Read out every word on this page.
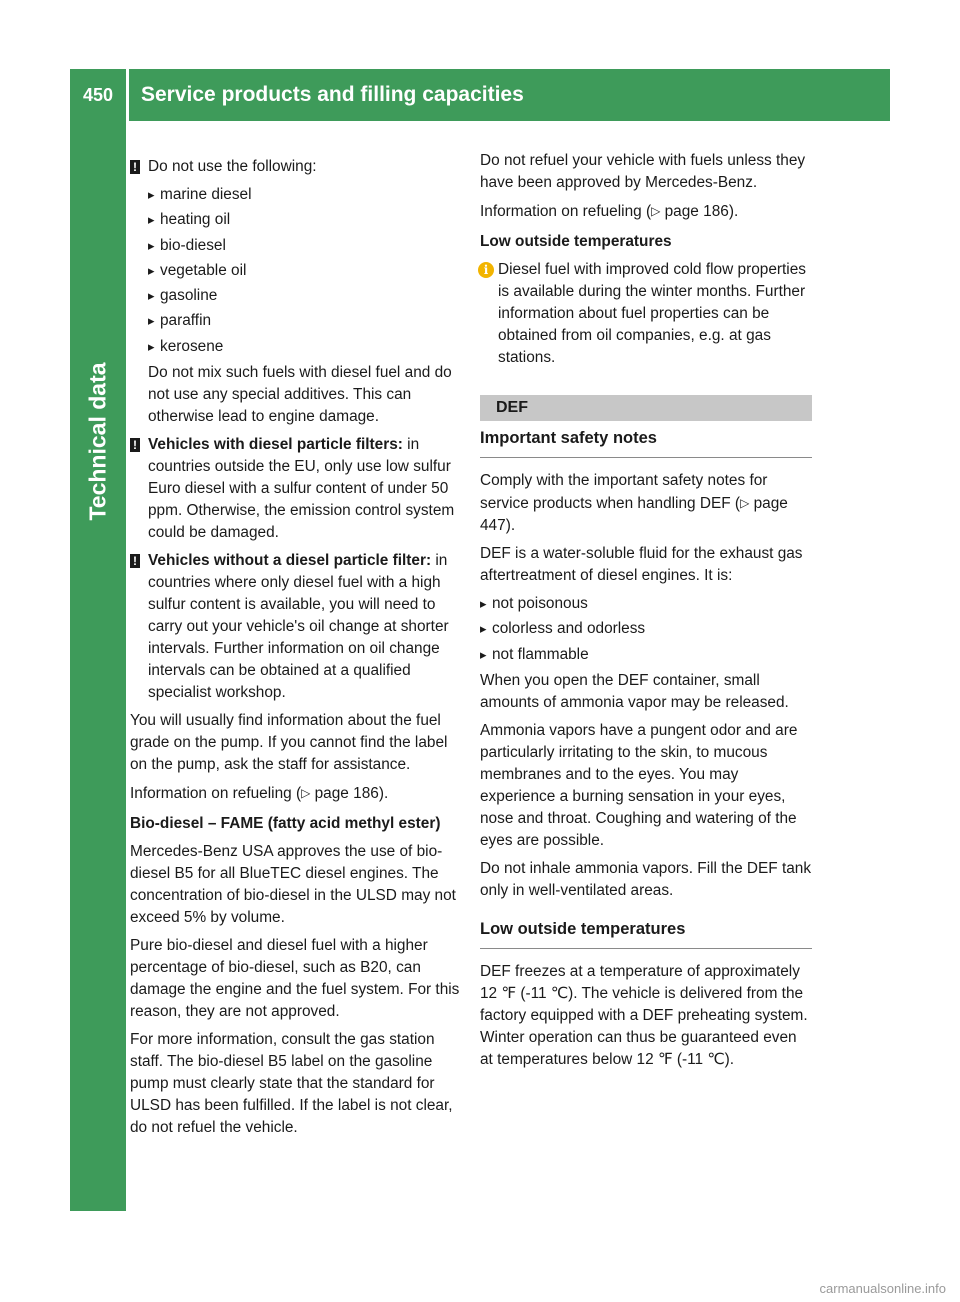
450	Service products and filling capacities
Technical data
! Do not use the following:
▸ marine diesel
▸ heating oil
▸ bio-diesel
▸ vegetable oil
▸ gasoline
▸ paraffin
▸ kerosene

Do not mix such fuels with diesel fuel and do not use any special additives. This can otherwise lead to engine damage.

! Vehicles with diesel particle filters: in countries outside the EU, only use low sulfur Euro diesel with a sulfur content of under 50 ppm. Otherwise, the emission control system could be damaged.
! Vehicles without a diesel particle filter: in countries where only diesel fuel with a high sulfur content is available, you will need to carry out your vehicle's oil change at shorter intervals. Further information on oil change intervals can be obtained at a qualified specialist workshop.

You will usually find information about the fuel grade on the pump. If you cannot find the label on the pump, ask the staff for assistance.

Information on refueling (▷ page 186).

Bio-diesel – FAME (fatty acid methyl ester)

Mercedes-Benz USA approves the use of bio-diesel B5 for all BlueTEC diesel engines. The concentration of bio-diesel in the ULSD may not exceed 5% by volume.

Pure bio-diesel and diesel fuel with a higher percentage of bio-diesel, such as B20, can damage the engine and the fuel system. For this reason, they are not approved.

For more information, consult the gas station staff. The bio-diesel B5 label on the gasoline pump must clearly state that the standard for ULSD has been fulfilled. If the label is not clear, do not refuel the vehicle.

Do not refuel your vehicle with fuels unless they have been approved by Mercedes-Benz.

Information on refueling (▷ page 186).

Low outside temperatures
i Diesel fuel with improved cold flow properties is available during the winter months. Further information about fuel properties can be obtained from oil companies, e.g. at gas stations.
DEF
Important safety notes

Comply with the important safety notes for service products when handling DEF (▷ page 447).

DEF is a water-soluble fluid for the exhaust gas aftertreatment of diesel engines. It is:

▸ not poisonous
▸ colorless and odorless
▸ not flammable

When you open the DEF container, small amounts of ammonia vapor may be released.

Ammonia vapors have a pungent odor and are particularly irritating to the skin, to mucous membranes and to the eyes. You may experience a burning sensation in your eyes, nose and throat. Coughing and watering of the eyes are possible.

Do not inhale ammonia vapors. Fill the DEF tank only in well-ventilated areas.

Low outside temperatures

DEF freezes at a temperature of approximately 12 ℉ (-11 ℃). The vehicle is delivered from the factory equipped with a DEF preheating system. Winter operation can thus be guaranteed even at temperatures below 12 ℉ (-11 ℃).

carmanualsonline.info
